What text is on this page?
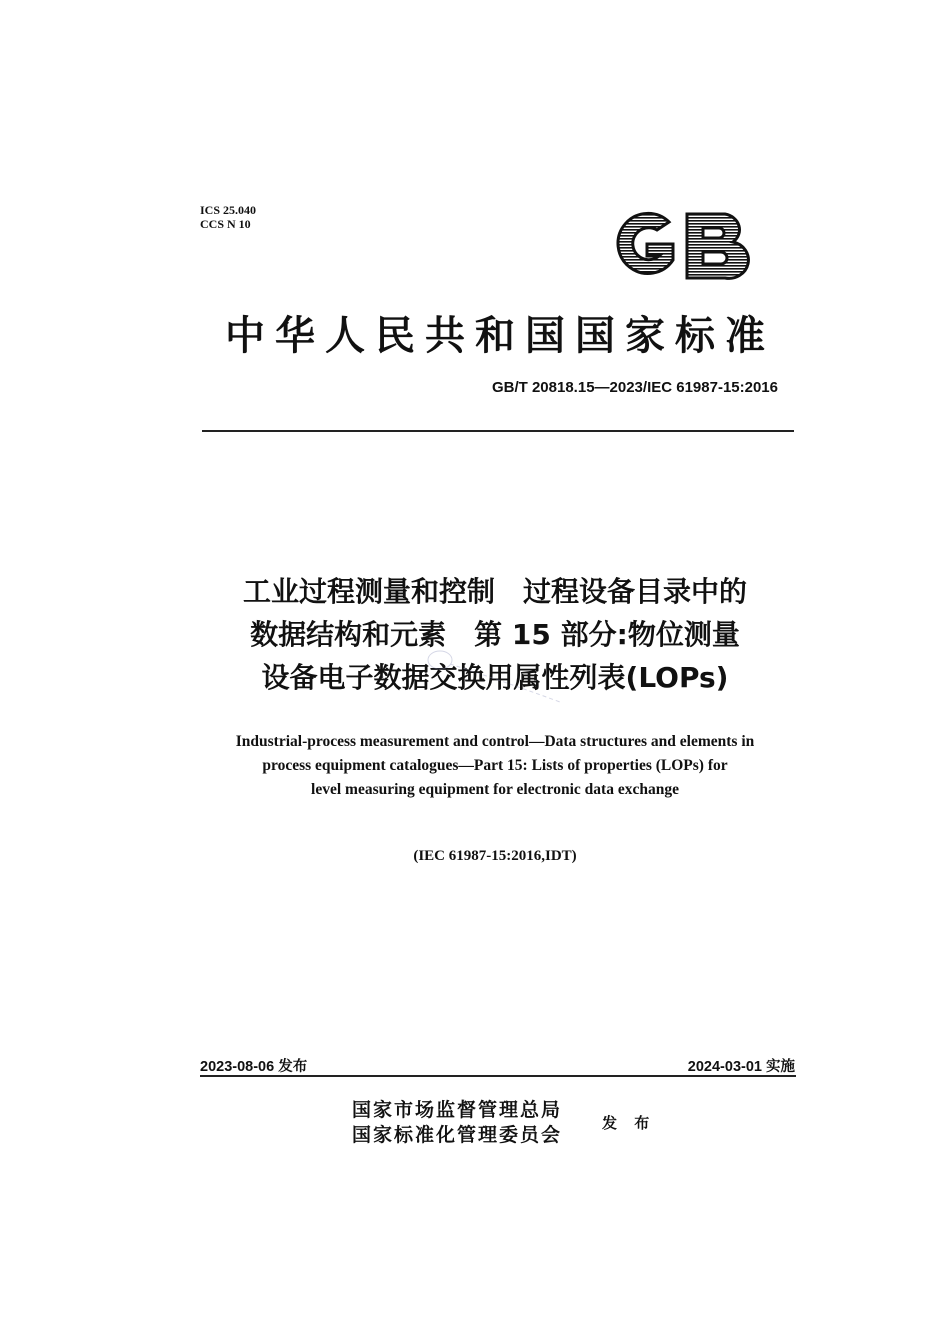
ICS 25.040
CCS N 10
中华人民共和国国家标准
GB/T 20818.15—2023/IEC 61987-15:2016
工业过程测量和控制　过程设备目录中的
数据结构和元素　第 15 部分:物位测量
设备电子数据交换用属性列表(LOPs)
Industrial-process measurement and control—Data structures and elements in
process equipment catalogues—Part 15: Lists of properties (LOPs) for
level measuring equipment for electronic data exchange
(IEC 61987-15:2016,IDT)
2023-08-06 发布	2024-03-01 实施
国家市场监督管理总局
国家标准化管理委员会
发 布
